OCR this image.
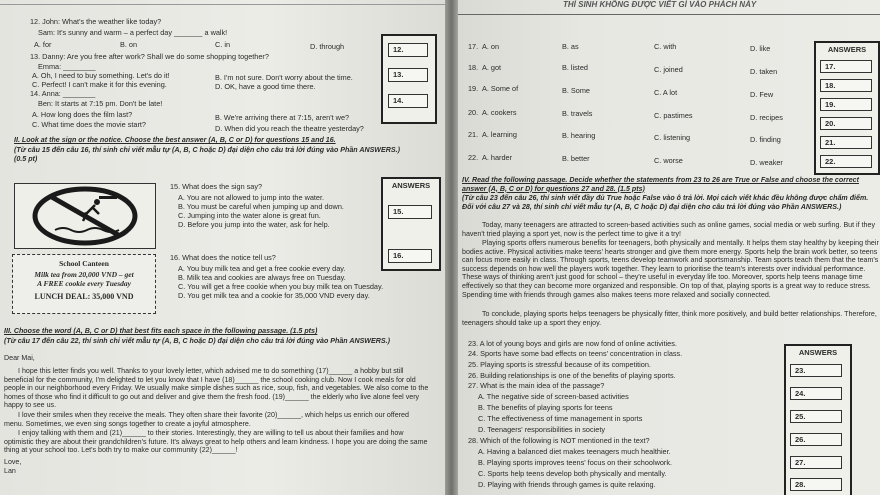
12. John: What's the weather like today?
Sam: It's sunny and warm – a perfect day _______ a walk!
A. for	B. on	C. in	D. through
13. Danny: Are you free after work? Shall we do some shopping together?
Emma: ________
A. Oh, I need to buy something. Let's do it!	B. I'm not sure. Don't worry about the time.
C. Perfect! I can't make it for this evening.	D. OK, have a good time there.
14. Anna: ________
Ben: It starts at 7:15 pm. Don't be late!
A. How long does the film last?	B. We're arriving there at 7:15, aren't we?
C. What time does the movie start?	D. When did you reach the theatre yesterday?
12.
13.
14.
II. Look at the sign or the notice. Choose the best answer (A, B, C or D) for questions 15 and 16.
(Từ câu 15 đến câu 16, thí sinh chỉ viết mẫu tự (A, B, C hoặc D) đại diện cho câu trả lời đúng vào Phần ANSWERS.) (0.5 pt)
15. What does the sign say?
A. You are not allowed to jump into the water.
B. You must be careful when jumping up and down.
C. Jumping into the water alone is great fun.
D. Before you jump into the water, ask for help.
ANSWERS
15.
16.
School Canteen
Milk tea from 20,000 VND – get
A FREE cookie every Tuesday
LUNCH DEAL: 35,000 VND
16. What does the notice tell us?
A. You buy milk tea and get a free cookie every day.
B. Milk tea and cookies are always free on Tuesday.
C. You will get a free cookie when you buy milk tea on Tuesday.
D. You get milk tea and a cookie for 35,000 VND every day.
III. Choose the word (A, B, C or D) that best fits each space in the following passage. (1.5 pts)
(Từ câu 17 đến câu 22, thí sinh chỉ viết mẫu tự (A, B, C hoặc D) đại diện cho câu trả lời đúng vào Phần ANSWERS.)
Dear Mai,
I hope this letter finds you well. Thanks to your lovely letter, which advised me to do something (17)______ a hobby but still beneficial for the community, I'm delighted to let you know that I have (18)______ the school cooking club. Now I cook meals for old people in our neighborhood every Friday. We usually make simple dishes such as rice, soup, fish, and vegetables. We also come to the homes of those who find it difficult to go out and deliver and give them the fresh food. (19)______ the elderly who live alone feel very happy to see us.
I love their smiles when they receive the meals. They often share their favorite (20)______, which helps us enrich our offered menu. Sometimes, we even sing songs together to create a joyful atmosphere.
I enjoy talking with them and (21)______ to their stories. Interestingly, they are willing to tell us about their families and how optimistic they are about their grandchildren's future. It's always great to help others and learn kindness. I hope you are doing the same thing at your school too. Let's both try to make our community (22)______!
Love,
Lan
THÍ SINH KHÔNG ĐƯỢC VIẾT GÌ VÀO PHÁCH NÀY
17. A. on	B. as	C. with	D. like
18. A. got	B. listed	C. joined	D. taken
19. A. Some of	B. Some	C. A lot	D. Few
20. A. cookers	B. travels	C. pastimes	D. recipes
21. A. learning	B. hearing	C. listening	D. finding
22. A. harder	B. better	C. worse	D. weaker
ANSWERS
17.
18.
19.
20.
21.
22.
IV. Read the following passage. Decide whether the statements from 23 to 26 are True or False and choose the correct answer (A, B, C or D) for questions 27 and 28. (1.5 pts)
(Từ câu 23 đến câu 26, thí sinh viết đầy đủ True hoặc False vào ô trả lời. Mọi cách viết khác đều không được chấm điểm. Đối với câu 27 và 28, thí sinh chỉ viết mẫu tự (A, B, C hoặc D) đại diện cho câu trả lời đúng vào Phần ANSWERS.)
Today, many teenagers are attracted to screen-based activities such as online games, social media or web surfing. But if they haven't tried playing a sport yet, now is the perfect time to give it a try!
Playing sports offers numerous benefits for teenagers, both physically and mentally. It helps them stay healthy by keeping their bodies active. Physical activities make teens' hearts stronger and give them more energy. Sports help the brain work better, so teens can focus more easily in class. Through sports, teens develop teamwork and sportsmanship. Team sports teach them that the team's success depends on how well the players work together. They learn to prioritise the team's interests over individual performance. These ways of thinking aren't just good for school – they're useful in everyday life too. Moreover, sports help teens manage time effectively so that they can become more organized and responsible. On top of that, playing sports is a great way to reduce stress. Spending time with friends through games also makes teens more relaxed and socially connected.
To conclude, playing sports helps teenagers be physically fitter, think more positively, and build better relationships. Therefore, teenagers should take up a sport they enjoy.
23. A lot of young boys and girls are now fond of online activities.
24. Sports have some bad effects on teens' concentration in class.
25. Playing sports is stressful because of its competition.
26. Building relationships is one of the benefits of playing sports.
27. What is the main idea of the passage?
A. The negative side of screen-based activities
B. The benefits of playing sports for teens
C. The effectiveness of time management in sports
D. Teenagers' responsibilities in society
28. Which of the following is NOT mentioned in the text?
A. Having a balanced diet makes teenagers much healthier.
B. Playing sports improves teens' focus on their schoolwork.
C. Sports help teens develop both physically and mentally.
D. Playing with friends through games is quite relaxing.
ANSWERS
23.
24.
25.
26.
27.
28.
